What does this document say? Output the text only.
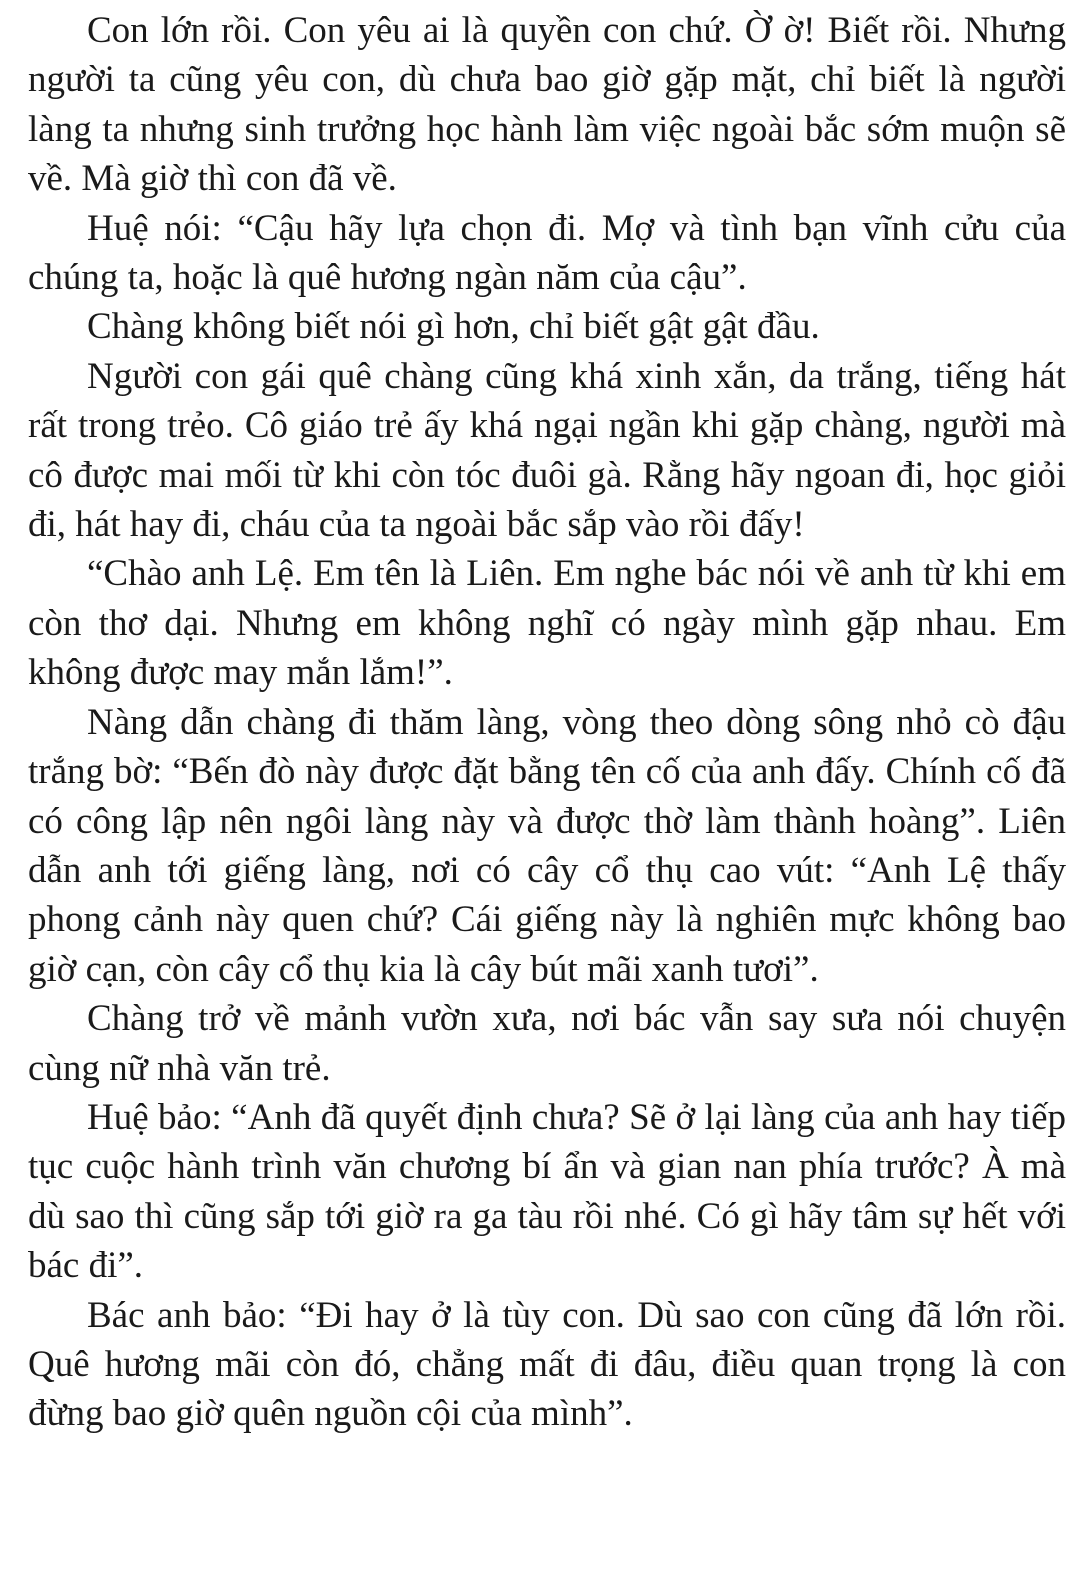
Con lớn rồi. Con yêu ai là quyền con chứ. Ờ ờ! Biết rồi. Nhưng người ta cũng yêu con, dù chưa bao giờ gặp mặt, chỉ biết là người làng ta nhưng sinh trưởng học hành làm việc ngoài bắc sớm muộn sẽ về. Mà giờ thì con đã về.

Huệ nói: “Cậu hãy lựa chọn đi. Mợ và tình bạn vĩnh cửu của chúng ta, hoặc là quê hương ngàn năm của cậu”.

Chàng không biết nói gì hơn, chỉ biết gật gật đầu.

Người con gái quê chàng cũng khá xinh xắn, da trắng, tiếng hát rất trong trẻo. Cô giáo trẻ ấy khá ngại ngần khi gặp chàng, người mà cô được mai mối từ khi còn tóc đuôi gà. Rằng hãy ngoan đi, học giỏi đi, hát hay đi, cháu của ta ngoài bắc sắp vào rồi đấy!

“Chào anh Lệ. Em tên là Liên. Em nghe bác nói về anh từ khi em còn thơ dại. Nhưng em không nghĩ có ngày mình gặp nhau. Em không được may mắn lắm!”.

Nàng dẫn chàng đi thăm làng, vòng theo dòng sông nhỏ cò đậu trắng bờ: “Bến đò này được đặt bằng tên cố của anh đấy. Chính cố đã có công lập nên ngôi làng này và được thờ làm thành hoàng”. Liên dẫn anh tới giếng làng, nơi có cây cổ thụ cao vút: “Anh Lệ thấy phong cảnh này quen chứ? Cái giếng này là nghiên mực không bao giờ cạn, còn cây cổ thụ kia là cây bút mãi xanh tươi”.

Chàng trở về mảnh vườn xưa, nơi bác vẫn say sưa nói chuyện cùng nữ nhà văn trẻ.

Huệ bảo: “Anh đã quyết định chưa? Sẽ ở lại làng của anh hay tiếp tục cuộc hành trình văn chương bí ẩn và gian nan phía trước? À mà dù sao thì cũng sắp tới giờ ra ga tàu rồi nhé. Có gì hãy tâm sự hết với bác đi”.

Bác anh bảo: “Đi hay ở là tùy con. Dù sao con cũng đã lớn rồi. Quê hương mãi còn đó, chẳng mất đi đâu, điều quan trọng là con đừng bao giờ quên nguồn cội của mình”.
